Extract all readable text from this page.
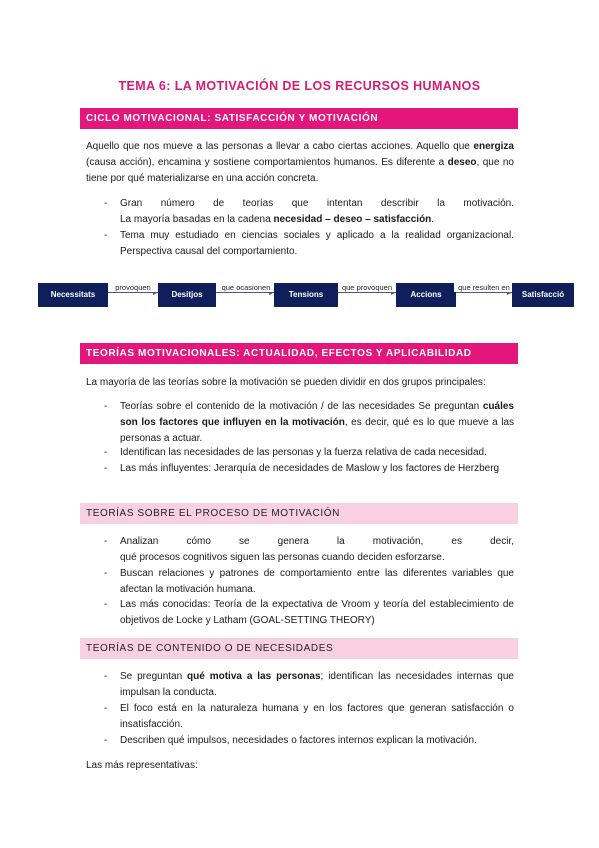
TEMA 6: LA MOTIVACIÓN DE LOS RECURSOS HUMANOS
CICLO MOTIVACIONAL: SATISFACCIÓN Y MOTIVACIÓN
Aquello que nos mueve a las personas a llevar a cabo ciertas acciones. Aquello que energiza (causa acción), encamina y sostiene comportamientos humanos. Es diferente a deseo, que no tiene por qué materializarse en una acción concreta.
- Gran número de teorías que intentan describir la motivación.
La mayoría basadas en la cadena necesidad – deseo – satisfacción.
- Tema muy estudiado en ciencias sociales y aplicado a la realidad organizacional. Perspectiva causal del comportamiento.
Necessitats
provoquen
Desitjos
que ocasionen
Tensions
que provoquen
Accions
que resulten en
Satisfacció
TEORÍAS MOTIVACIONALES: ACTUALIDAD, EFECTOS Y APLICABILIDAD
La mayoría de las teorías sobre la motivación se pueden dividir en dos grupos principales:
- Teorías sobre el contenido de la motivación / de las necesidades Se preguntan cuáles son los factores que influyen en la motivación, es decir, qué es lo que mueve a las personas a actuar.
- Identifican las necesidades de las personas y la fuerza relativa de cada necesidad.
- Las más influyentes: Jerarquía de necesidades de Maslow y los factores de Herzberg
TEORÍAS SOBRE EL PROCESO DE MOTIVACIÓN
- Analizan cómo se genera la motivación, es decir,
qué procesos cognitivos siguen las personas cuando deciden esforzarse.
- Buscan relaciones y patrones de comportamiento entre las diferentes variables que afectan la motivación humana.
- Las más conocidas: Teoría de la expectativa de Vroom y teoría del establecimiento de objetivos de Locke y Latham (GOAL-SETTING THEORY)
TEORÍAS DE CONTENIDO O DE NECESIDADES
- Se preguntan qué motiva a las personas; identifican las necesidades internas que impulsan la conducta.
- El foco está en la naturaleza humana y en los factores que generan satisfacción o insatisfacción.
- Describen qué impulsos, necesidades o factores internos explican la motivación.
Las más representativas:
